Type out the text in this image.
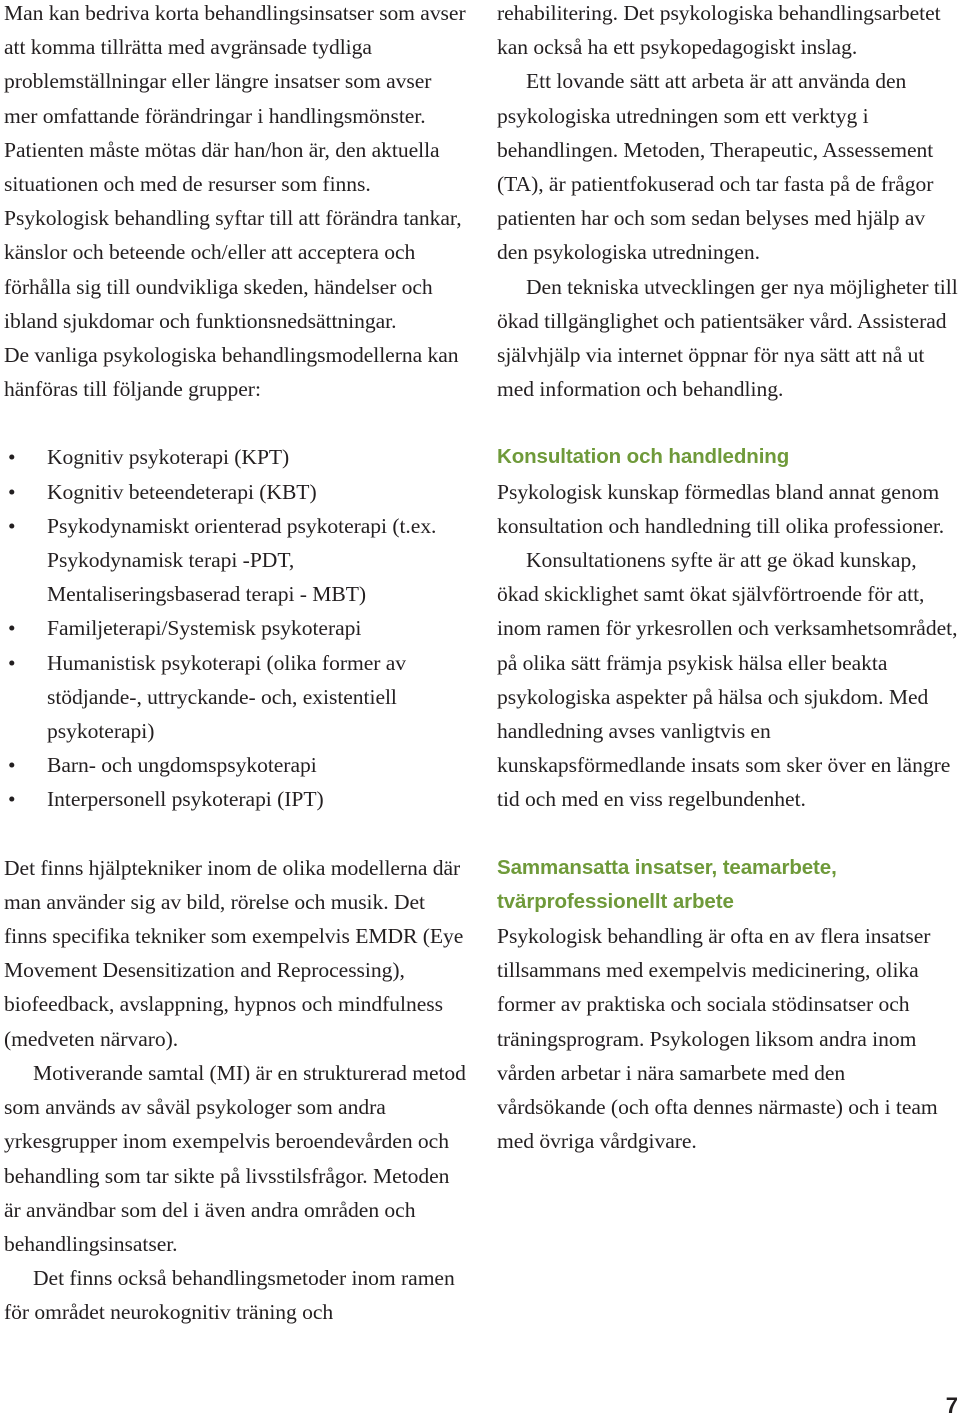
Man kan bedriva korta behandlingsinsatser som avser att komma tillrätta med avgränsade tydliga problemställningar eller längre insatser som avser mer omfattande förändringar i handlingsmönster. Patienten måste mötas där han/hon är, den aktuella situationen och med de resurser som finns. Psykologisk behandling syftar till att förändra tankar, känslor och beteende och/eller att acceptera och förhålla sig till oundvikliga skeden, händelser och ibland sjukdomar och funktionsnedsättningar.

De vanliga psykologiska behandlingsmodellerna kan hänföras till följande grupper:

• Kognitiv psykoterapi (KPT)
• Kognitiv beteendeterapi (KBT)
• Psykodynamiskt orienterad psykoterapi (t.ex. Psykodynamisk terapi -PDT, Mentaliseringsbaserad terapi - MBT)
• Familjeterapi/Systemisk psykoterapi
• Humanistisk psykoterapi (olika former av stödjande-, uttryckande- och, existentiell psykoterapi)
• Barn- och ungdomspsykoterapi
• Interpersonell psykoterapi (IPT)

Det finns hjälptekniker inom de olika modellerna där man använder sig av bild, rörelse och musik. Det finns specifika tekniker som exempelvis EMDR (Eye Movement Desensitization and Reprocessing), biofeedback, avslappning, hypnos och mindfulness (medveten närvaro).

Motiverande samtal (MI) är en strukturerad metod som används av såväl psykologer som andra yrkesgrupper inom exempelvis beroendevården och behandling som tar sikte på livsstilsfrågor. Metoden är användbar som del i även andra områden och behandlingsinsatser.

Det finns också behandlingsmetoder inom ramen för området neurokognitiv träning och

rehabilitering. Det psykologiska behandlingsarbetet kan också ha ett psykopedagogiskt inslag.

Ett lovande sätt att arbeta är att använda den psykologiska utredningen som ett verktyg i behandlingen. Metoden, Therapeutic, Assessement (TA), är patientfokuserad och tar fasta på de frågor patienten har och som sedan belyses med hjälp av den psykologiska utredningen.

Den tekniska utvecklingen ger nya möjligheter till ökad tillgänglighet och patientsäker vård. Assisterad självhjälp via internet öppnar för nya sätt att nå ut med information och behandling.

Konsultation och handledning

Psykologisk kunskap förmedlas bland annat genom konsultation och handledning till olika professioner.

Konsultationens syfte är att ge ökad kunskap, ökad skicklighet samt ökat självförtroende för att, inom ramen för yrkesrollen och verksamhetsområdet, på olika sätt främja psykisk hälsa eller beakta psykologiska aspekter på hälsa och sjukdom. Med handledning avses vanligtvis en kunskapsförmedlande insats som sker över en längre tid och med en viss regelbundenhet.

Sammansatta insatser, teamarbete, tvärprofessionellt arbete

Psykologisk behandling är ofta en av flera insatser tillsammans med exempelvis medicinering, olika former av praktiska och sociala stödinsatser och träningsprogram. Psykologen liksom andra inom vården arbetar i nära samarbete med den vårdsökande (och ofta dennes närmaste) och i team med övriga vårdgivare.

7
